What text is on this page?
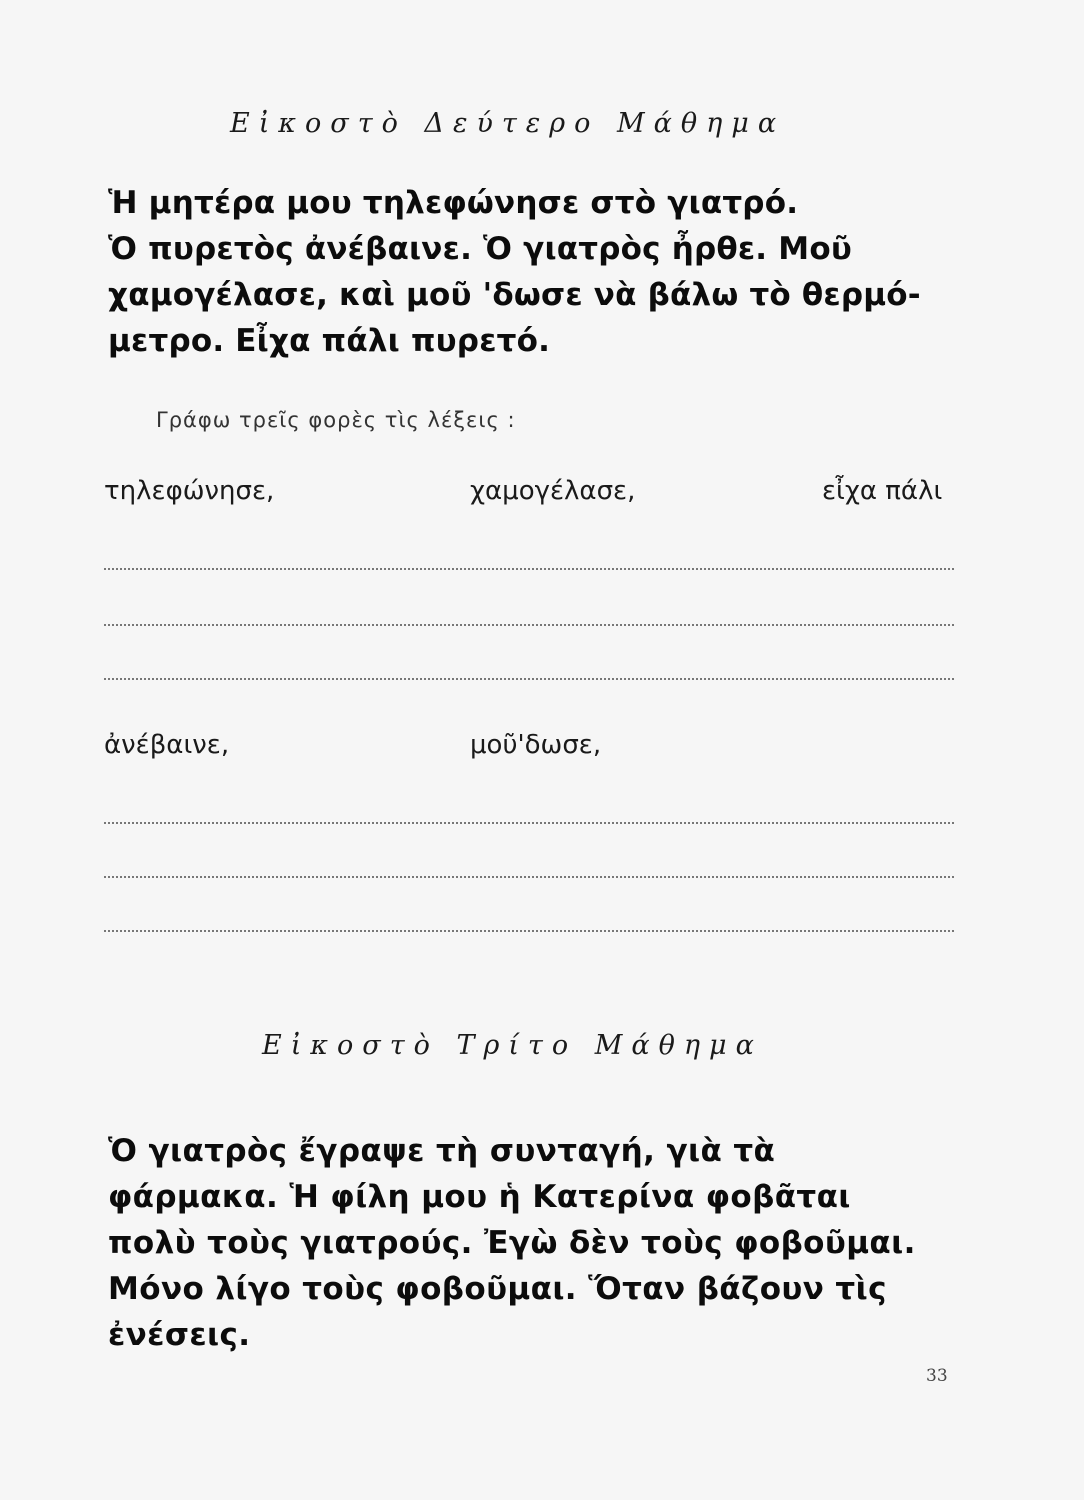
Εἰκοστὸ Δεύτερο Μάθημα
Ἡ μητέρα μου τηλεφώνησε στὸ γιατρό.
Ὁ πυρετὸς ἀνέβαινε. Ὁ γιατρὸς ἦρθε. Μοῦ
χαμογέλασε, καὶ μοῦ 'δωσε νὰ βάλω τὸ θερμό-
μετρο. Εἶχα πάλι πυρετό.
Γράφω τρεῖς φορὲς τὶς λέξεις :
τηλεφώνησε,	χαμογέλασε,	εἶχα πάλι
ἀνέβαινε,	μοῦ'δωσε,
Εἰκοστὸ Τρίτο Μάθημα
Ὁ γιατρὸς ἔγραψε τὴ συνταγή, γιὰ τὰ
φάρμακα. Ἡ φίλη μου ἡ Κατερίνα φοβᾶται
πολὺ τοὺς γιατρούς. Ἐγὼ δὲν τοὺς φοβοῦμαι.
Μόνο λίγο τοὺς φοβοῦμαι. Ὅταν βάζουν τὶς
ἐνέσεις.
33
